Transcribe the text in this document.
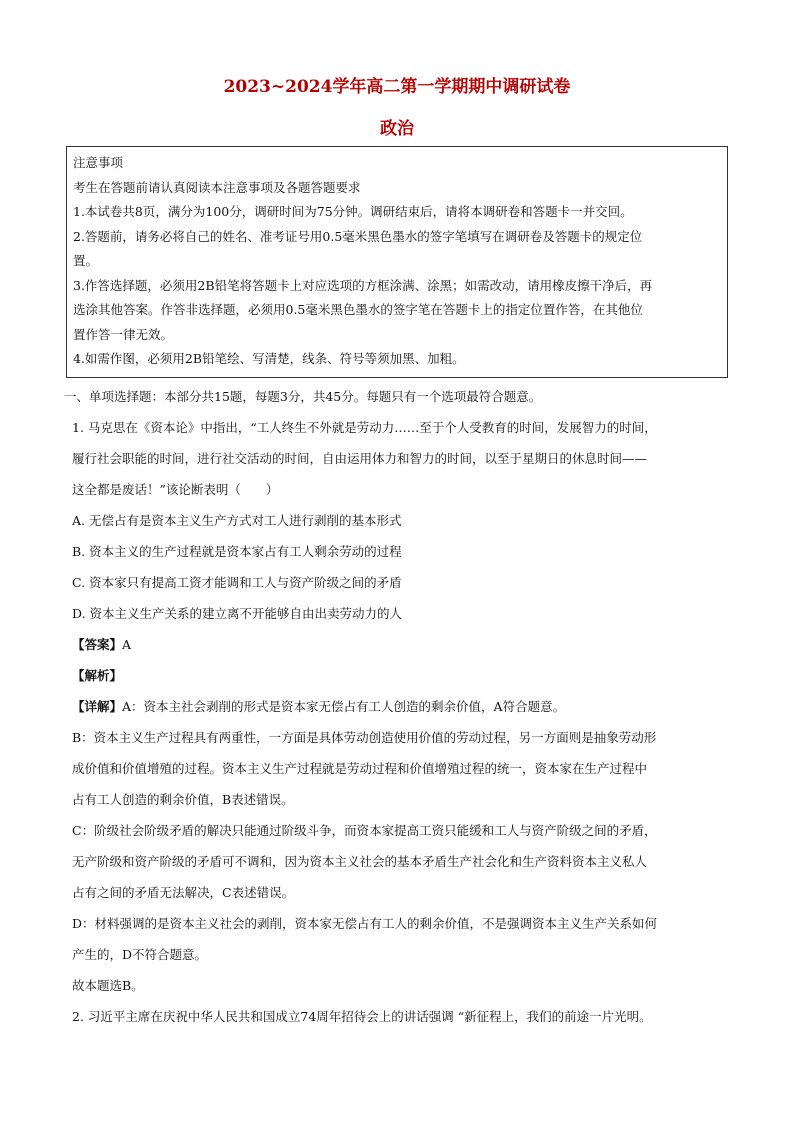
2023~2024学年高二第一学期期中调研试卷
政治

注意事项

考生在答题前请认真阅读本注意事项及各题答题要求

1.本试卷共8页，满分为100分，调研时间为75分钟。调研结束后，请将本调研卷和答题卡一并交回。

2.答题前，请务必将自己的姓名、准考证号用0.5毫米黑色墨水的签字笔填写在调研卷及答题卡的规定位

置。

3.作答选择题，必须用2B铅笔将答题卡上对应选项的方框涂满、涂黑；如需改动，请用橡皮擦干净后，再

选涂其他答案。作答非选择题，必须用0.5毫米黑色墨水的签字笔在答题卡上的指定位置作答，在其他位

置作答一律无效。

4.如需作图，必须用2B铅笔绘、写清楚，线条、符号等须加黑、加粗。

一、单项选择题：本部分共15题，每题3分，共45分。每题只有一个选项最符合题意。

1. 马克思在《资本论》中指出，“工人终生不外就是劳动力……至于个人受教育的时间，发展智力的时间，

履行社会职能的时间，进行社交活动的时间，自由运用体力和智力的时间，以至于星期日的休息时间——

这全都是废话！”该论断表明（　　）

A. 无偿占有是资本主义生产方式对工人进行剥削的基本形式

B. 资本主义的生产过程就是资本家占有工人剩余劳动的过程

C. 资本家只有提高工资才能调和工人与资产阶级之间的矛盾

D. 资本主义生产关系的建立离不开能够自由出卖劳动力的人

【答案】A

【解析】

【详解】A：资本主社会剥削的形式是资本家无偿占有工人创造的剩余价值，A符合题意。

B：资本主义生产过程具有两重性，一方面是具体劳动创造使用价值的劳动过程，另一方面则是抽象劳动形

成价值和价值增殖的过程。资本主义生产过程就是劳动过程和价值增殖过程的统一，资本家在生产过程中

占有工人创造的剩余价值，B表述错误。

C：阶级社会阶级矛盾的解决只能通过阶级斗争，而资本家提高工资只能缓和工人与资产阶级之间的矛盾，

无产阶级和资产阶级的矛盾可不调和，因为资本主义社会的基本矛盾生产社会化和生产资料资本主义私人

占有之间的矛盾无法解决，C表述错误。

D：材料强调的是资本主义社会的剥削，资本家无偿占有工人的剩余价值，不是强调资本主义生产关系如何

产生的，D不符合题意。

故本题选B。

2. 习近平主席在庆祝中华人民共和国成立74周年招待会上的讲话强调 “新征程上，我们的前途一片光明。
